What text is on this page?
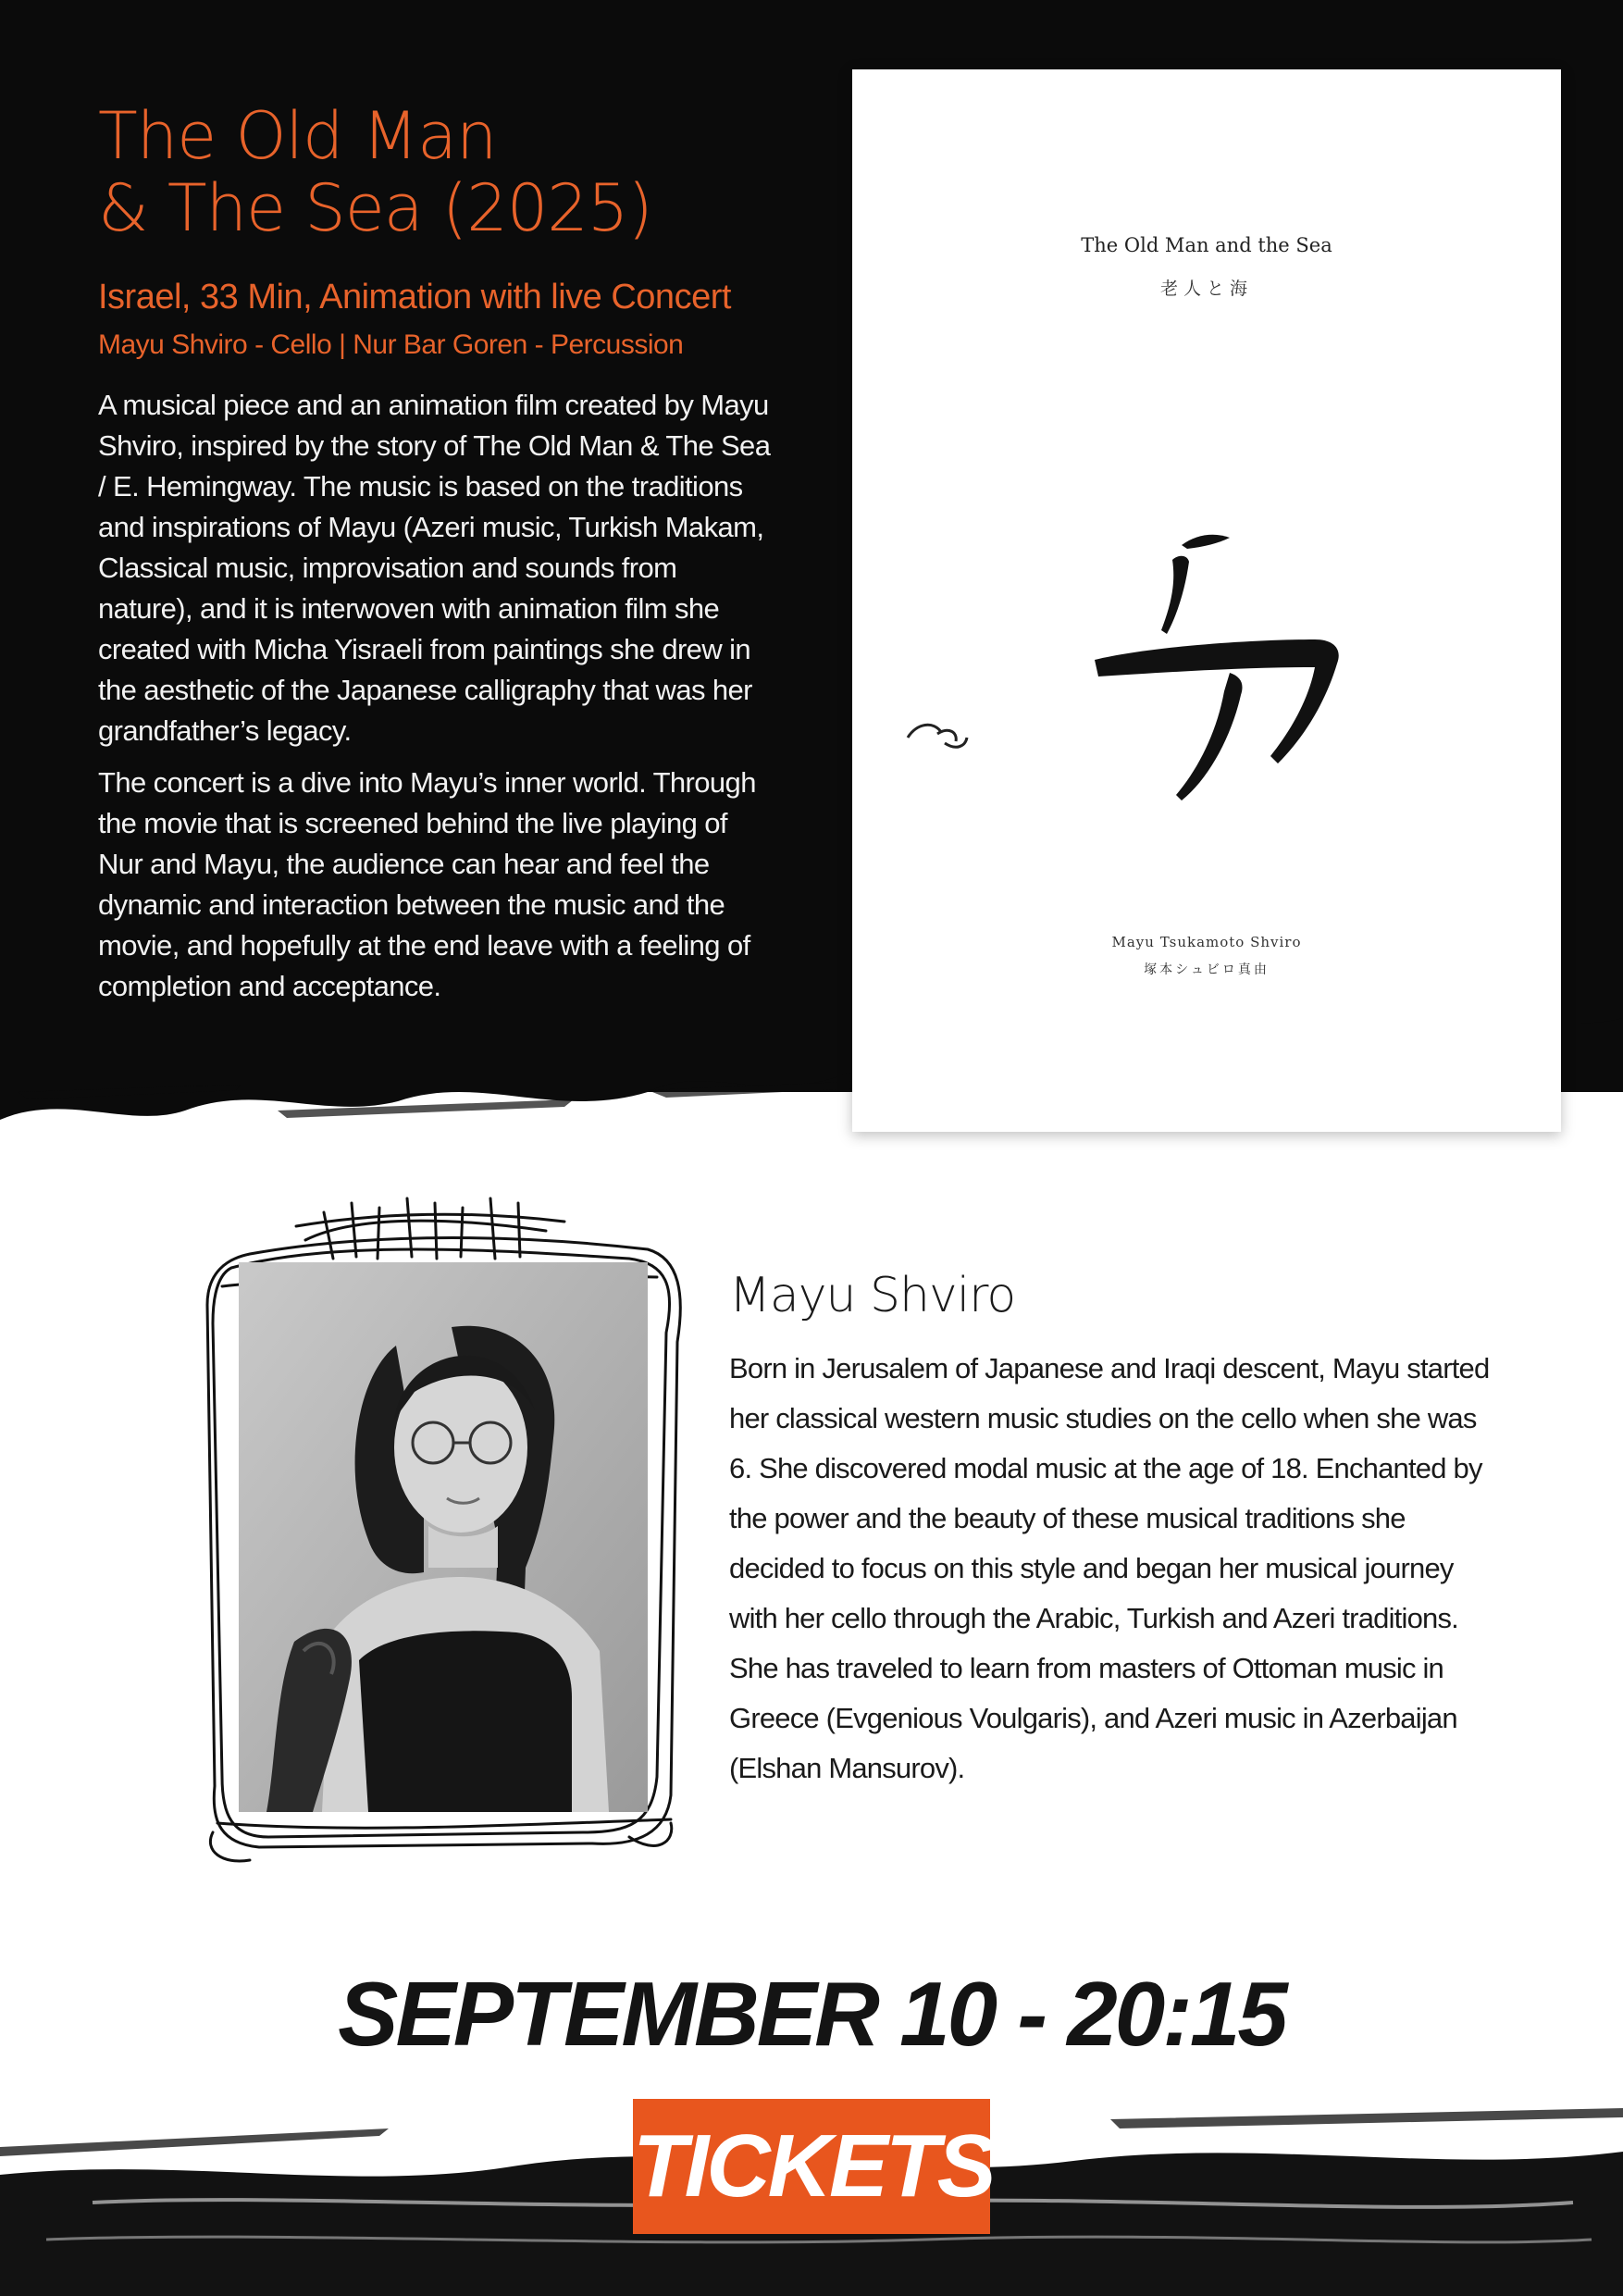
The Old Man
& The Sea (2025)
Israel, 33 Min, Animation with live Concert
Mayu Shviro - Cello | Nur Bar Goren - Percussion
A musical piece and an animation film created by Mayu Shviro, inspired by the story of The Old Man & The Sea / E. Hemingway. The music is based on the traditions and inspirations of Mayu (Azeri music, Turkish Makam, Classical music, improvisation and sounds from nature), and it is interwoven with animation film she created with Micha Yisraeli from paintings she drew in the aesthetic of the Japanese calligraphy that was her grandfather’s legacy.
The concert is a dive into Mayu’s inner world. Through the movie that is screened behind the live playing of Nur and Mayu, the audience can hear and feel the dynamic and interaction between the music and the movie, and hopefully at the end leave with a feeling of completion and acceptance.
The Old Man and the Sea
老人と海
Mayu Tsukamoto Shviro
塚本シュビロ真由
Mayu Shviro
Born in Jerusalem of Japanese and Iraqi descent, Mayu started her classical western music studies on the cello when she was 6. She discovered modal music at the age of 18. Enchanted by the power and the beauty of these musical traditions she decided to focus on this style and began her musical journey with her cello through the Arabic, Turkish and Azeri traditions. She has traveled to learn from masters of Ottoman music in Greece (Evgenious Voulgaris), and Azeri music in Azerbaijan (Elshan Mansurov).
SEPTEMBER 10 - 20:15
TICKETS
